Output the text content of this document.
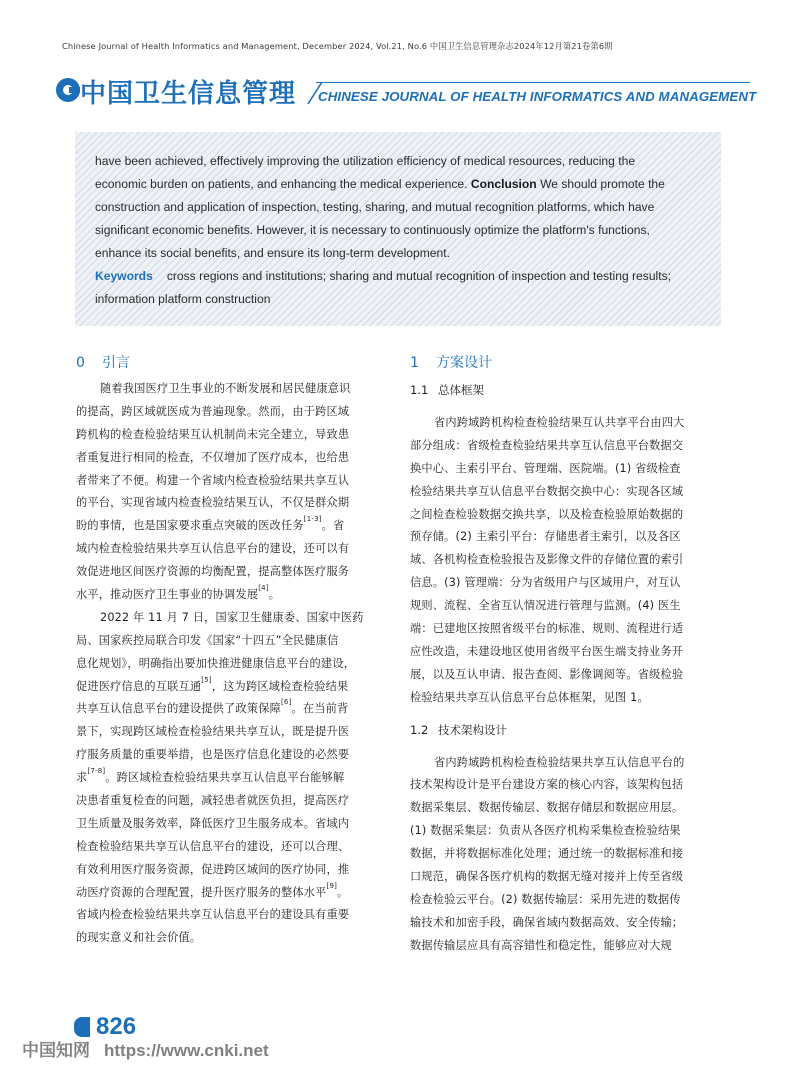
Chinese Journal of Health Informatics and Management, December 2024, Vol.21, No.6 中国卫生信息管理杂志2024年12月第21卷第6期
中国卫生信息管理 CHINESE JOURNAL OF HEALTH INFORMATICS AND MANAGEMENT
have been achieved, effectively improving the utilization efficiency of medical resources, reducing the
economic burden on patients, and enhancing the medical experience. Conclusion We should promote the
construction and application of inspection, testing, sharing, and mutual recognition platforms, which have
significant economic benefits. However, it is necessary to continuously optimize the platform's functions,
enhance its social benefits, and ensure its long-term development.
Keywords cross regions and institutions; sharing and mutual recognition of inspection and testing results;
information platform construction
0 引言
随着我国医疗卫生事业的不断发展和居民健康意识
的提高，跨区域就医成为普遍现象。然而，由于跨区域
跨机构的检查检验结果互认机制尚未完全建立，导致患
者重复进行相同的检查，不仅增加了医疗成本，也给患
者带来了不便。构建一个省域内检查检验结果共享互认
的平台，实现省域内检查检验结果互认，不仅是群众期
盼的事情，也是国家要求重点突破的医改任务[1-3]。省
域内检查检验结果共享互认信息平台的建设，还可以有
效促进地区间医疗资源的均衡配置，提高整体医疗服务
水平，推动医疗卫生事业的协调发展[4]。
2022 年 11 月 7 日，国家卫生健康委、国家中医药
局、国家疾控局联合印发《国家“十四五”全民健康信
息化规划》，明确指出要加快推进健康信息平台的建设，
促进医疗信息的互联互通[5]，这为跨区域检查检验结果
共享互认信息平台的建设提供了政策保障[6]。在当前背
景下，实现跨区域检查检验结果共享互认，既是提升医
疗服务质量的重要举措，也是医疗信息化建设的必然要
求[7-8]。跨区域检查检验结果共享互认信息平台能够解
决患者重复检查的问题，减轻患者就医负担，提高医疗
卫生质量及服务效率，降低医疗卫生服务成本。省域内
检查检验结果共享互认信息平台的建设，还可以合理、
有效利用医疗服务资源，促进跨区域间的医疗协同，推
动医疗资源的合理配置，提升医疗服务的整体水平[9]。
省域内检查检验结果共享互认信息平台的建设具有重要
的现实意义和社会价值。
1 方案设计
1.1 总体框架
省内跨域跨机构检查检验结果互认共享平台由四大
部分组成：省级检查检验结果共享互认信息平台数据交
换中心、主索引平台、管理端、医院端。(1) 省级检查
检验结果共享互认信息平台数据交换中心：实现各区域
之间检查检验数据交换共享，以及检查检验原始数据的
预存储。(2) 主索引平台：存储患者主索引，以及各区
域、各机构检查检验报告及影像文件的存储位置的索引
信息。(3) 管理端：分为省级用户与区域用户，对互认
规则、流程、全省互认情况进行管理与监测。(4) 医生
端：已建地区按照省级平台的标准、规则、流程进行适
应性改造，未建设地区使用省级平台医生端支持业务开
展，以及互认申请、报告查阅、影像调阅等。省级检验
检验结果共享互认信息平台总体框架，见图 1。
1.2 技术架构设计
省内跨域跨机构检查检验结果共享互认信息平台的
技术架构设计是平台建设方案的核心内容，该架构包括
数据采集层、数据传输层、数据存储层和数据应用层。
(1) 数据采集层：负责从各医疗机构采集检查检验结果
数据，并将数据标准化处理；通过统一的数据标准和接
口规范，确保各医疗机构的数据无缝对接并上传至省级
检查检验云平台。(2) 数据传输层：采用先进的数据传
输技术和加密手段，确保省域内数据高效、安全传输；
数据传输层应具有高容错性和稳定性，能够应对大规
826
中国知网 https://www.cnki.net
